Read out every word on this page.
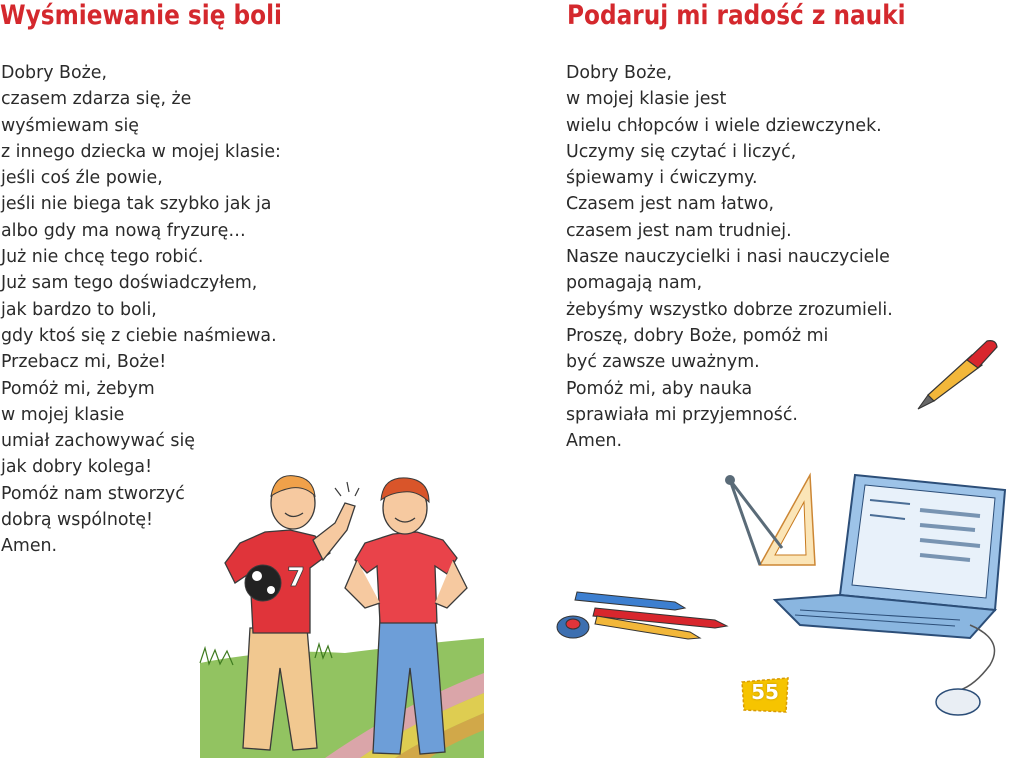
Wyśmiewanie się boli
Dobry Boże,
czasem zdarza się, że
wyśmiewam się
z innego dziecka w mojej klasie:
jeśli coś źle powie,
jeśli nie biega tak szybko jak ja
albo gdy ma nową fryzurę…
Już nie chcę tego robić.
Już sam tego doświadczyłem,
jak bardzo to boli,
gdy ktoś się z ciebie naśmiewa.
Przebacz mi, Boże!
Pomóż mi, żebym
w mojej klasie
umiał zachowywać się
jak dobry kolega!
Pomóż nam stworzyć
dobrą wspólnotę!
Amen.
7
Podaruj mi radość z nauki
Dobry Boże,
w mojej klasie jest
wielu chłopców i wiele dziewczynek.
Uczymy się czytać i liczyć,
śpiewamy i ćwiczymy.
Czasem jest nam łatwo,
czasem jest nam trudniej.
Nasze nauczycielki i nasi nauczyciele
pomagają nam,
żebyśmy wszystko dobrze zrozumieli.
Proszę, dobry Boże, pomóż mi
być zawsze uważnym.
Pomóż mi, aby nauka
sprawiała mi przyjemność.
Amen.
55
